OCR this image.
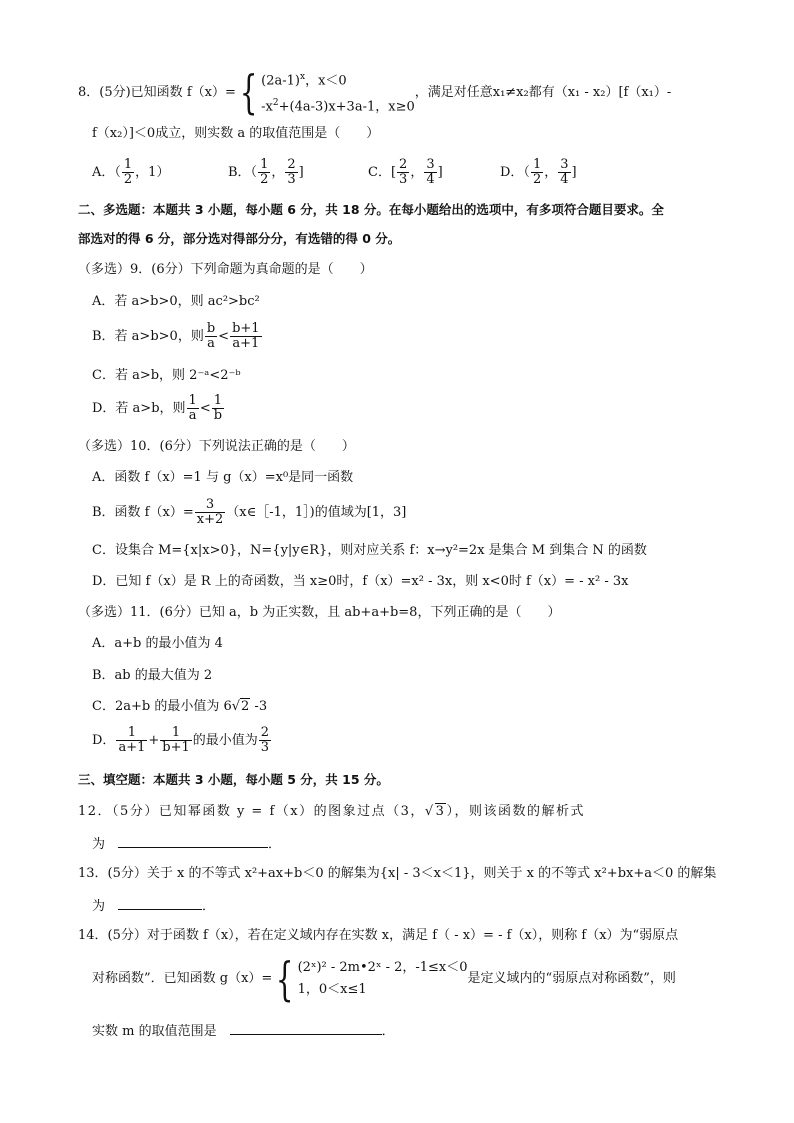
8．(5分)已知函数 f（x）={ $(2a-1)^x$，x＜0
$-x^2+(4a-3)x+3a-1$，x≥0
，满足对任意x₁≠x₂都有（x₁ - x₂）[f（x₁）-
f（x₂）]＜0成立，则实数 a 的取值范围是（　　）
A．（ $\frac{1}{2}$ ，1）	B．（ $\frac{1}{2}$ ， $\frac{2}{3}$ ]	C．[ $\frac{2}{3}$ ， $\frac{3}{4}$ ]	D．（ $\frac{1}{2}$ ， $\frac{3}{4}$ ]
二、多选题：本题共 3 小题，每小题 6 分，共 18 分。在每小题给出的选项中，有多项符合题目要求。全
部选对的得 6 分，部分选对得部分分，有选错的得 0 分。
（多选）9．(6分）下列命题为真命题的是（　　）
A．若 a>b>0，则 ac²>bc²
B．若 a>b>0，则 $\frac{b}{a} < \frac{b+1}{a+1}$
C．若 a>b，则 2⁻ᵃ<2⁻ᵇ
D．若 a>b，则 $\frac{1}{a} < \frac{1}{b}$
（多选）10．(6分）下列说法正确的是（　　）
A．函数 f（x）=1 与 g（x）=x⁰是同一函数
B．函数 $f(x)= \frac{3}{x+2}$ （x∈［-1，1］)的值域为[1，3]
C．设集合 M={x|x>0}，N={y|y∈R}，则对应关系 f：x→y²=2x 是集合 M 到集合 N 的函数
D．已知 f（x）是 R 上的奇函数，当 x≥0时，f（x）=x² - 3x，则 x<0时 f（x）= - x² - 3x
（多选）11．(6分）已知 a，b 为正实数，且 ab+a+b=8，下列正确的是（　　）
A．a+b 的最小值为 4
B．ab 的最大值为 2
C．2a+b 的最小值为 6√2 -3
D． $\frac{1}{a+1} + \frac{1}{b+1}$ 的最小值为 $\frac{2}{3}$
三、填空题：本题共 3 小题，每小题 5 分，共 15 分。
12．（5分）已知幂函数 y = f（x）的图象过点（3，√3），则该函数的解析式
为　	．
13．(5分）关于 x 的不等式 x²+ax+b＜0 的解集为{x| - 3＜x＜1}，则关于 x 的不等式 x²+bx+a＜0 的解集
为　	．
14．(5分）对于函数 f（x），若在定义域内存在实数 x，满足 f（ - x）= - f（x），则称 f（x）为“弱原点
对称函数”．已知函数 g（x）={ (2ˣ)² - 2m•2ˣ - 2，-1≤x＜0
1，0＜x≤1
是定义域内的“弱原点对称函数”，则
实数 m 的取值范围是　	．
